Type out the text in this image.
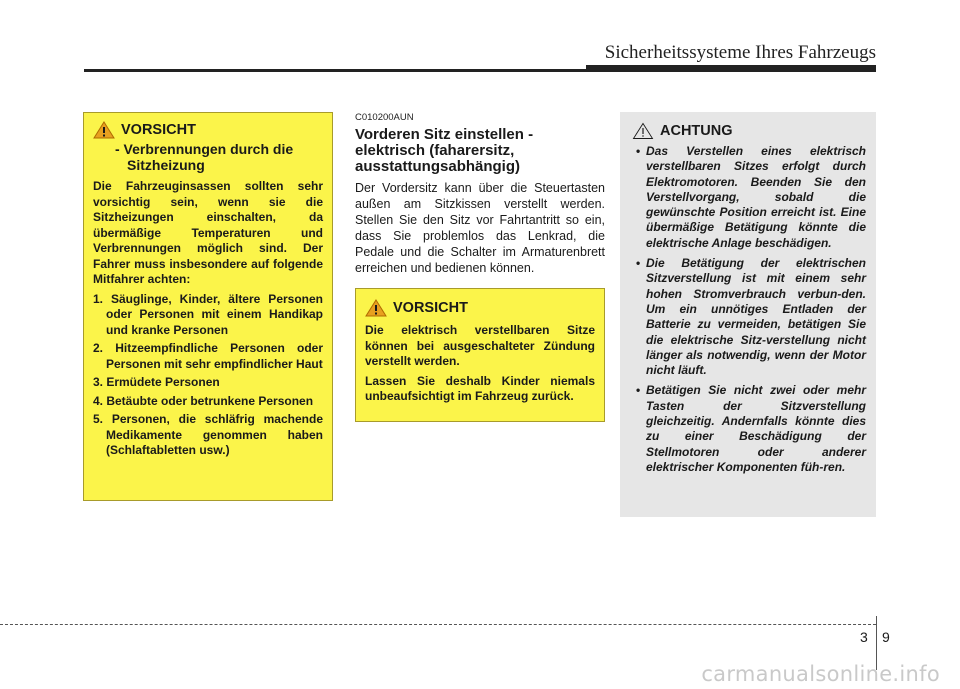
Sicherheitssysteme Ihres Fahrzeugs
VORSICHT
- Verbrennungen durch die
Sitzheizung

Die Fahrzeuginsassen sollten sehr vorsichtig sein, wenn sie die Sitzheizungen einschalten, da übermäßige Temperaturen und Verbrennungen möglich sind. Der Fahrer muss insbesondere auf folgende Mitfahrer achten:

1. Säuglinge, Kinder, ältere Personen oder Personen mit einem Handikap und kranke Personen
2. Hitzeempfindliche Personen oder Personen mit sehr empfindlicher Haut
3. Ermüdete Personen
4. Betäubte oder betrunkene Personen
5. Personen, die schläfrig machende Medikamente genommen haben (Schlaftabletten usw.)
C010200AUN
Vorderen Sitz einstellen - elektrisch (faharersitz, ausstattungsabhängig)

Der Vordersitz kann über die Steuertasten außen am Sitzkissen verstellt werden. Stellen Sie den Sitz vor Fahrtantritt so ein, dass Sie problemlos das Lenkrad, die Pedale und die Schalter im Armaturenbrett erreichen und bedienen können.

VORSICHT

Die elektrisch verstellbaren Sitze können bei ausgeschalteter Zündung verstellt werden.

Lassen Sie deshalb Kinder niemals unbeaufsichtigt im Fahrzeug zurück.

ACHTUNG
• Das Verstellen eines elektrisch verstellbaren Sitzes erfolgt durch Elektromotoren. Beenden Sie den Verstellvorgang, sobald die gewünschte Position erreicht ist. Eine übermäßige Betätigung könnte die elektrische Anlage beschädigen.
• Die Betätigung der elektrischen Sitzverstellung ist mit einem sehr hohen Stromverbrauch verbun-den. Um ein unnötiges Entladen der Batterie zu vermeiden, betätigen Sie die elektrische Sitz-verstellung nicht länger als notwendig, wenn der Motor nicht läuft.
• Betätigen Sie nicht zwei oder mehr Tasten der Sitzverstellung gleichzeitig. Andernfalls könnte dies zu einer Beschädigung der Stellmotoren oder anderer elektrischer Komponenten füh-ren.
3 9
carmanualsonline.info
